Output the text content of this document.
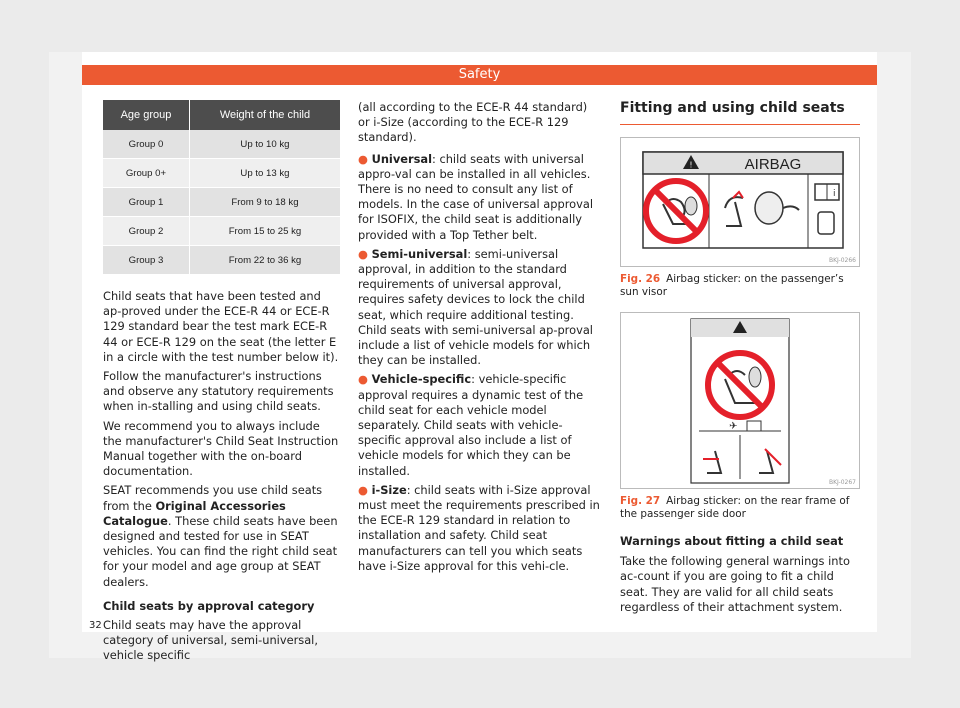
Safety
Age group	Weight of the child
Group 0	Up to 10 kg
Group 0+	Up to 13 kg
Group 1	From 9 to 18 kg
Group 2	From 15 to 25 kg
Group 3	From 22 to 36 kg

Child seats that have been tested and ap-proved under the ECE-R 44 or ECE-R 129 standard bear the test mark ECE-R 44 or ECE-R 129 on the seat (the letter E in a circle with the test number below it).

Follow the manufacturer's instructions and observe any statutory requirements when in-stalling and using child seats.

We recommend you to always include the manufacturer's Child Seat Instruction Manual together with the on-board documentation.

SEAT recommends you use child seats from the Original Accessories Catalogue. These child seats have been designed and tested for use in SEAT vehicles. You can find the right child seat for your model and age group at SEAT dealers.

Child seats by approval category

Child seats may have the approval category of universal, semi-universal, vehicle specific

(all according to the ECE-R 44 standard) or i-Size (according to the ECE-R 129 standard).

● Universal: child seats with universal appro-val can be installed in all vehicles. There is no need to consult any list of models. In the case of universal approval for ISOFIX, the child seat is additionally provided with a Top Tether belt.

● Semi-universal: semi-universal approval, in addition to the standard requirements of universal approval, requires safety devices to lock the child seat, which require additional testing. Child seats with semi-universal ap-proval include a list of vehicle models for which they can be installed.

● Vehicle-specific: vehicle-specific approval requires a dynamic test of the child seat for each vehicle model separately. Child seats with vehicle-specific approval also include a list of vehicle models for which they can be installed.

● i-Size: child seats with i-Size approval must meet the requirements prescribed in the ECE-R 129 standard in relation to installation and safety. Child seat manufacturers can tell you which seats have i-Size approval for this vehi-cle.

Fitting and using child seats
!	AIRBAG
i
BKJ-0266
Fig. 26 Airbag sticker: on the passenger’s sun visor
✈
BKJ-0267
Fig. 27 Airbag sticker: on the rear frame of the passenger side door

Warnings about fitting a child seat

Take the following general warnings into ac-count if you are going to fit a child seat. They are valid for all child seats regardless of their attachment system.

32
